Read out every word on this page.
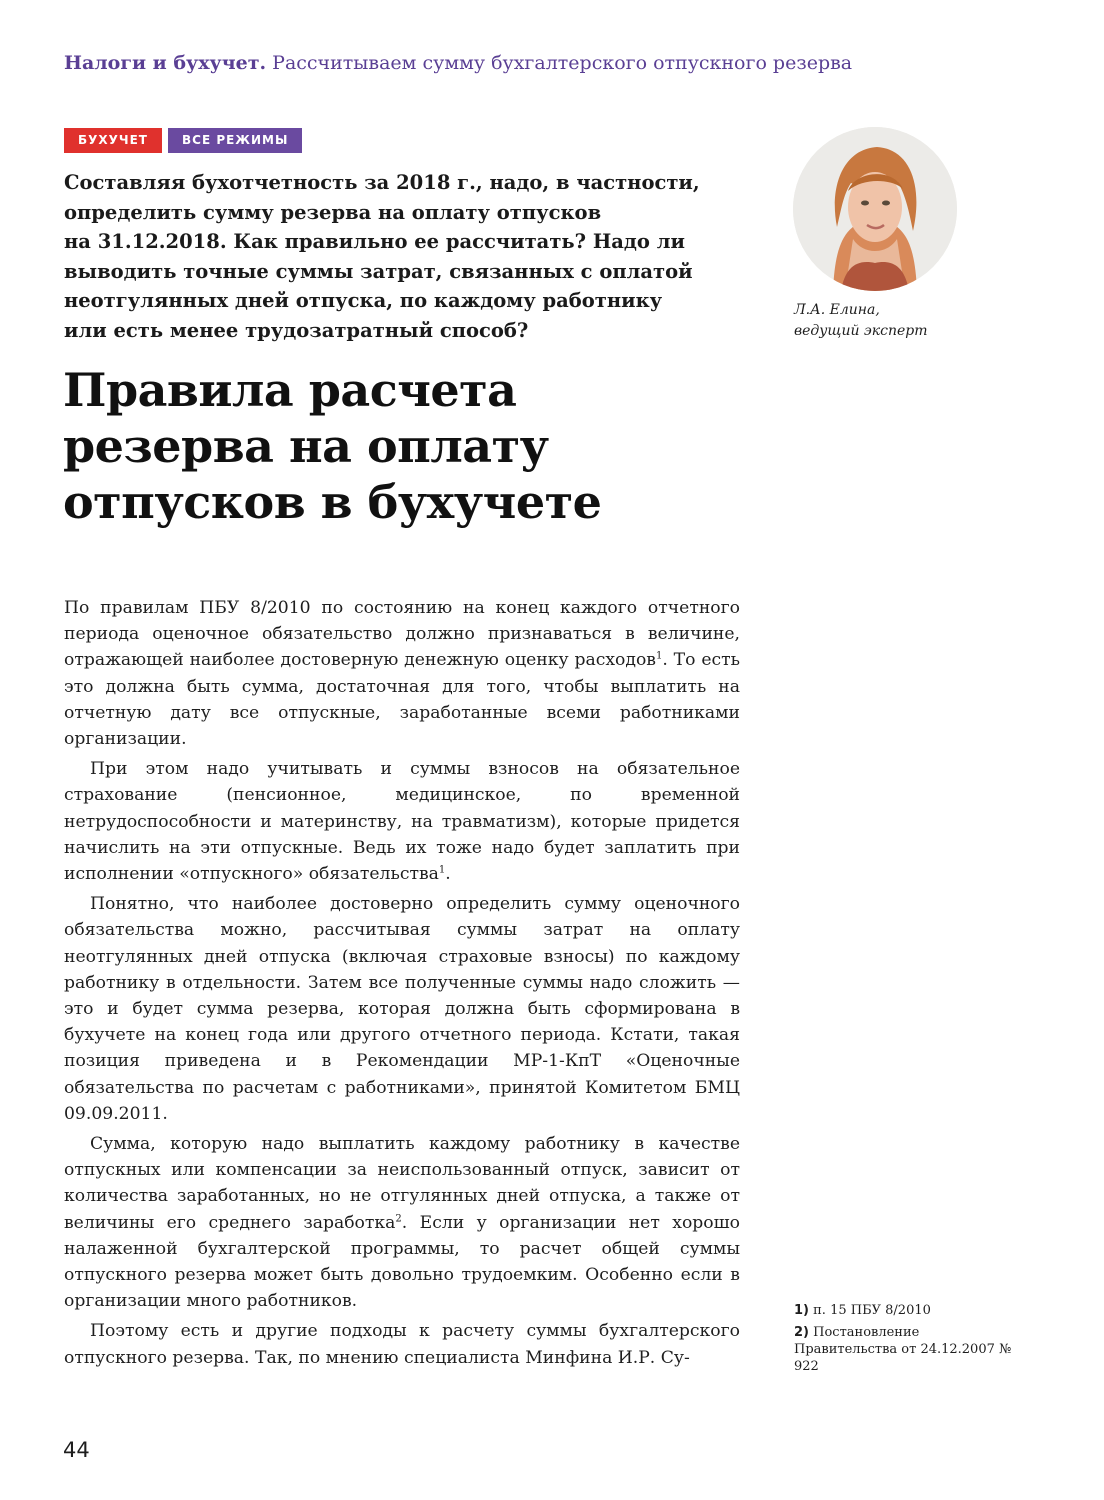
Налоги и бухучет. Рассчитываем сумму бухгалтерского отпускного резерва
БУХУЧЕТ	ВСЕ РЕЖИМЫ
Составляя бухотчетность за 2018 г., надо, в частности,
определить сумму резерва на оплату отпусков
на 31.12.2018. Как правильно ее рассчитать? Надо ли
выводить точные суммы затрат, связанных с оплатой
неотгулянных дней отпуска, по каждому работнику
или есть менее трудозатратный способ?
Л.А. Елина,
ведущий эксперт
Правила расчета
резерва на оплату
отпусков в бухучете

По правилам ПБУ 8/2010 по состоянию на конец каждого отчетного периода оценочное обязательство должно признаваться в величине, отражающей наиболее достоверную денежную оценку расходов$^1$. То есть это должна быть сумма, достаточная для того, чтобы выплатить на отчетную дату все отпускные, заработанные всеми работниками организации.

При этом надо учитывать и суммы взносов на обязательное страхование (пенсионное, медицинское, по временной нетрудоспособности и материнству, на травматизм), которые придется начислить на эти отпускные. Ведь их тоже надо будет заплатить при исполнении «отпускного» обязательства$^1$.

Понятно, что наиболее достоверно определить сумму оценочного обязательства можно, рассчитывая суммы затрат на оплату неотгулянных дней отпуска (включая страховые взносы) по каждому работнику в отдельности. Затем все полученные суммы надо сложить — это и будет сумма резерва, которая должна быть сформирована в бухучете на конец года или другого отчетного периода. Кстати, такая позиция приведена и в Рекомендации МР-1-КпТ «Оценочные обязательства по расчетам с работниками», принятой Комитетом БМЦ 09.09.2011.

Сумма, которую надо выплатить каждому работнику в качестве отпускных или компенсации за неиспользованный отпуск, зависит от количества заработанных, но не отгулянных дней отпуска, а также от величины его среднего заработка$^2$. Если у организации нет хорошо налаженной бухгалтерской программы, то расчет общей суммы отпускного резерва может быть довольно трудоемким. Особенно если в организации много работников.

Поэтому есть и другие подходы к расчету суммы бухгалтерского отпускного резерва. Так, по мнению специалиста Минфина И.Р. Су-

1) п. 15 ПБУ 8/2010
2) Постановление Правительства от 24.12.2007 № 922
44
